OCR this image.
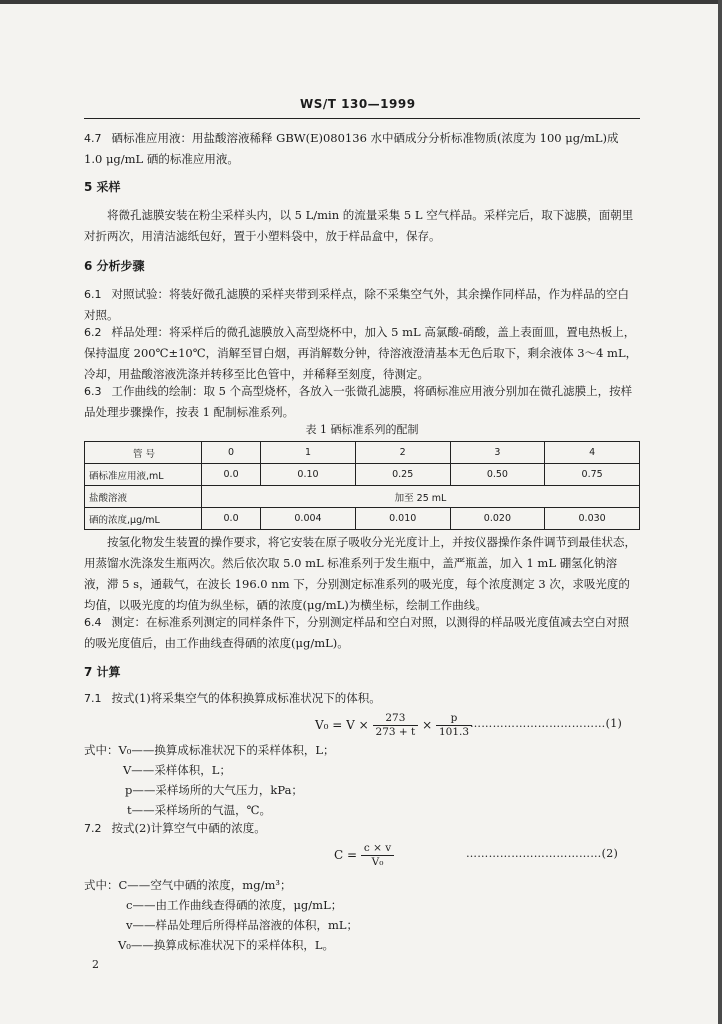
WS/T 130—1999
4.7 硒标准应用液：用盐酸溶液稀释 GBW(E)080136 水中硒成分分析标准物质(浓度为 100 μg/mL)成 1.0 μg/mL 硒的标准应用液。
5 采样
将微孔滤膜安装在粉尘采样头内，以 5 L/min 的流量采集 5 L 空气样品。采样完后，取下滤膜，面朝里对折两次，用清洁滤纸包好，置于小塑料袋中，放于样品盒中，保存。
6 分析步骤
6.1 对照试验：将装好微孔滤膜的采样夹带到采样点，除不采集空气外，其余操作同样品，作为样品的空白对照。
6.2 样品处理：将采样后的微孔滤膜放入高型烧杯中，加入 5 mL 高氯酸-硝酸，盖上表面皿，置电热板上，保持温度 200℃±10℃，消解至冒白烟，再消解数分钟，待溶液澄清基本无色后取下，剩余液体 3～4 mL，冷却，用盐酸溶液洗涤并转移至比色管中，并稀释至刻度，待测定。
6.3 工作曲线的绘制：取 5 个高型烧杯，各放入一张微孔滤膜，将硒标准应用液分别加在微孔滤膜上，按样品处理步骤操作，按表 1 配制标准系列。
表 1 硒标准系列的配制
管 号	0	1	2	3	4
硒标准应用液,mL	0.0	0.10	0.25	0.50	0.75
盐酸溶液	加至 25 mL				
硒的浓度,μg/mL	0.0	0.004	0.010	0.020	0.030
按氢化物发生装置的操作要求，将它安装在原子吸收分光光度计上，并按仪器操作条件调节到最佳状态，用蒸馏水洗涤发生瓶两次。然后依次取 5.0 mL 标准系列于发生瓶中，盖严瓶盖，加入 1 mL 硼氢化钠溶液，滞 5 s，通载气，在波长 196.0 nm 下，分别测定标准系列的吸光度，每个浓度测定 3 次，求吸光度的均值，以吸光度的均值为纵坐标，硒的浓度(μg/mL)为横坐标，绘制工作曲线。
6.4 测定：在标准系列测定的同样条件下，分别测定样品和空白对照，以测得的样品吸光度值减去空白对照的吸光度值后，由工作曲线查得硒的浓度(μg/mL)。
7 计算
7.1 按式(1)将采集空气的体积换算成标准状况下的体积。
$V_0 = V \times \frac{273}{273 + t} \times \frac{p}{101.3}$
………………………………(1)
式中：V₀——换算成标准状况下的采样体积，L；
V——采样体积，L；
p——采样场所的大气压力，kPa；
t——采样场所的气温，℃。
7.2 按式(2)计算空气中硒的浓度。
$C = \frac{c \times v}{\text{V₀}}$	………………………………(2)
式中：C——空气中硒的浓度，mg/m³；
c——由工作曲线查得硒的浓度，μg/mL；
v——样品处理后所得样品溶液的体积，mL；
V₀——换算成标准状况下的采样体积，L。
2
